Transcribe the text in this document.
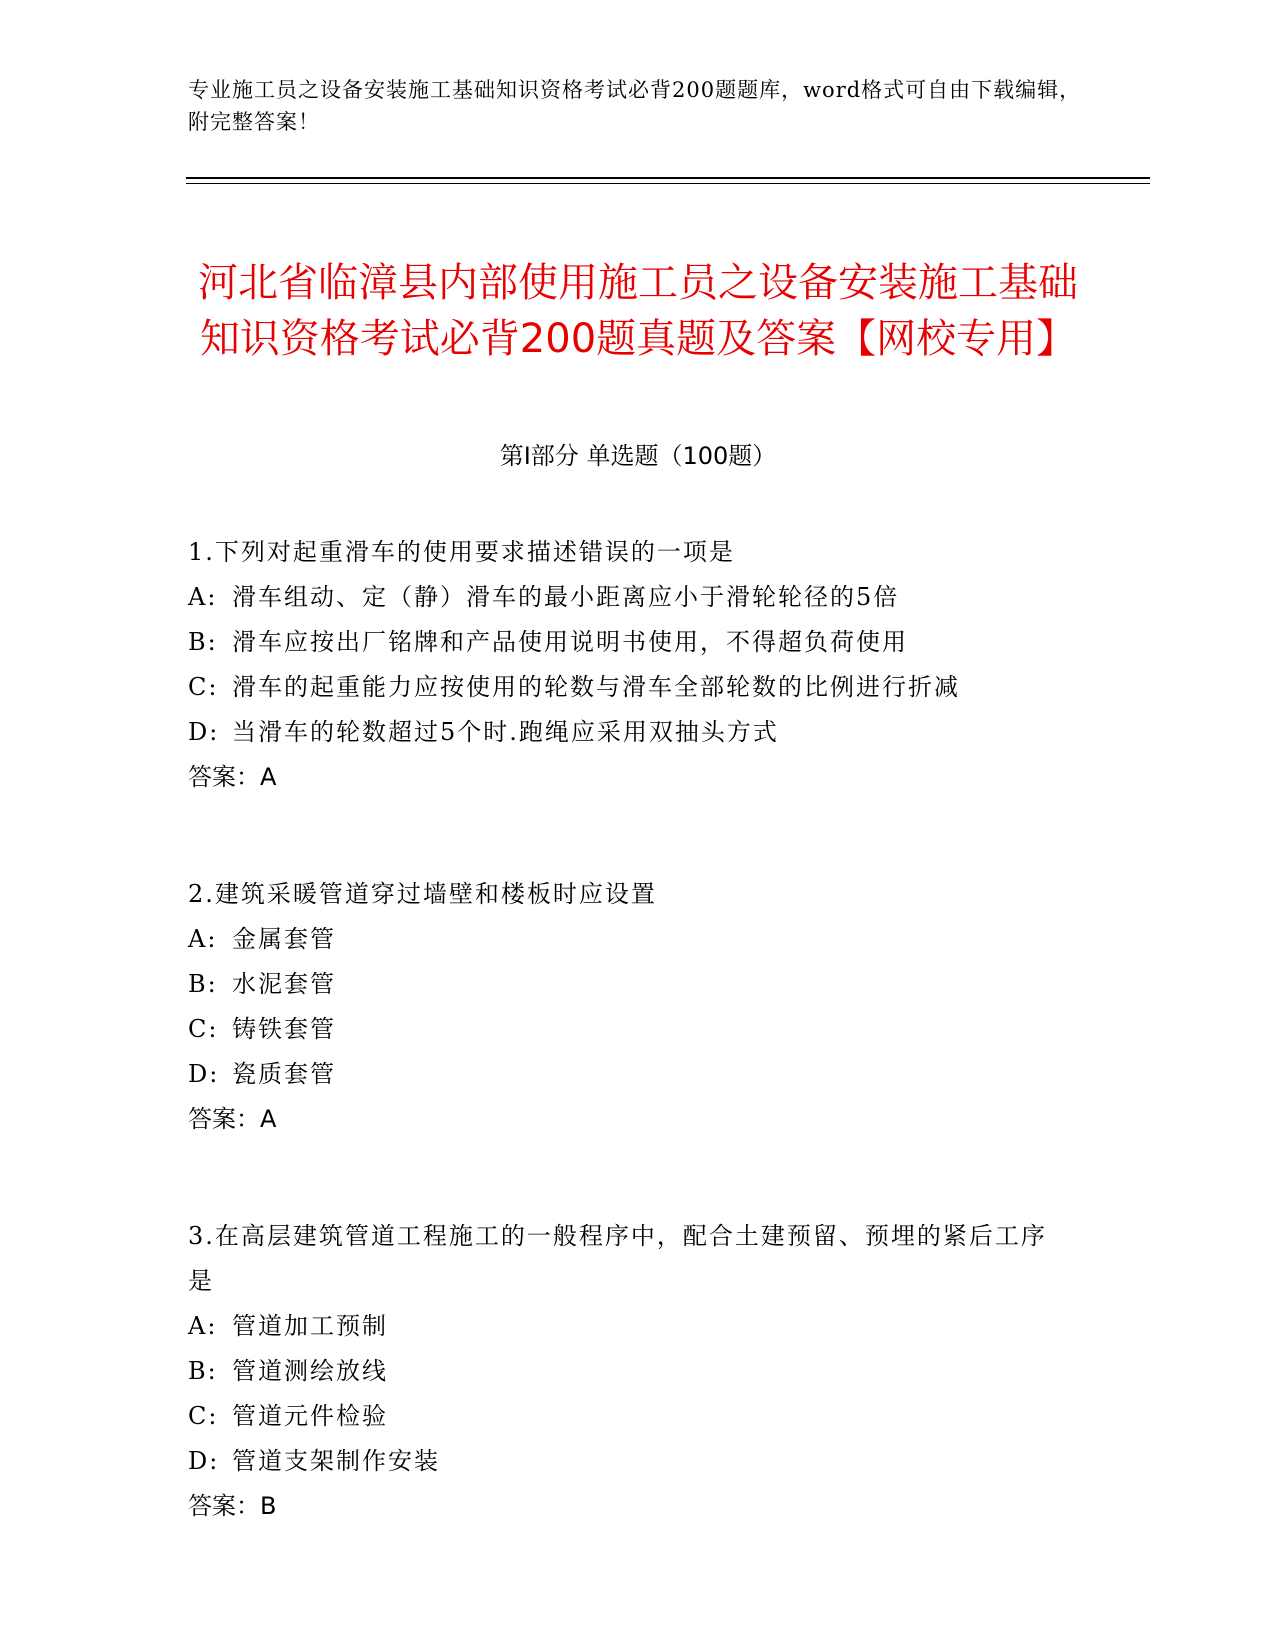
专业施工员之设备安装施工基础知识资格考试必背200题题库，word格式可自由下载编辑，附完整答案！
河北省临漳县内部使用施工员之设备安装施工基础知识资格考试必背200题真题及答案【网校专用】
第Ⅰ部分 单选题（100题）
1.下列对起重滑车的使用要求描述错误的一项是
A: 滑车组动、定（静）滑车的最小距离应小于滑轮轮径的5倍
B: 滑车应按出厂铭牌和产品使用说明书使用，不得超负荷使用
C: 滑车的起重能力应按使用的轮数与滑车全部轮数的比例进行折减
D: 当滑车的轮数超过5个时.跑绳应采用双抽头方式
答案：A
2.建筑采暖管道穿过墙壁和楼板时应设置
A: 金属套管
B: 水泥套管
C: 铸铁套管
D: 瓷质套管
答案：A
3.在高层建筑管道工程施工的一般程序中，配合土建预留、预埋的紧后工序是
A: 管道加工预制
B: 管道测绘放线
C: 管道元件检验
D: 管道支架制作安装
答案：B
